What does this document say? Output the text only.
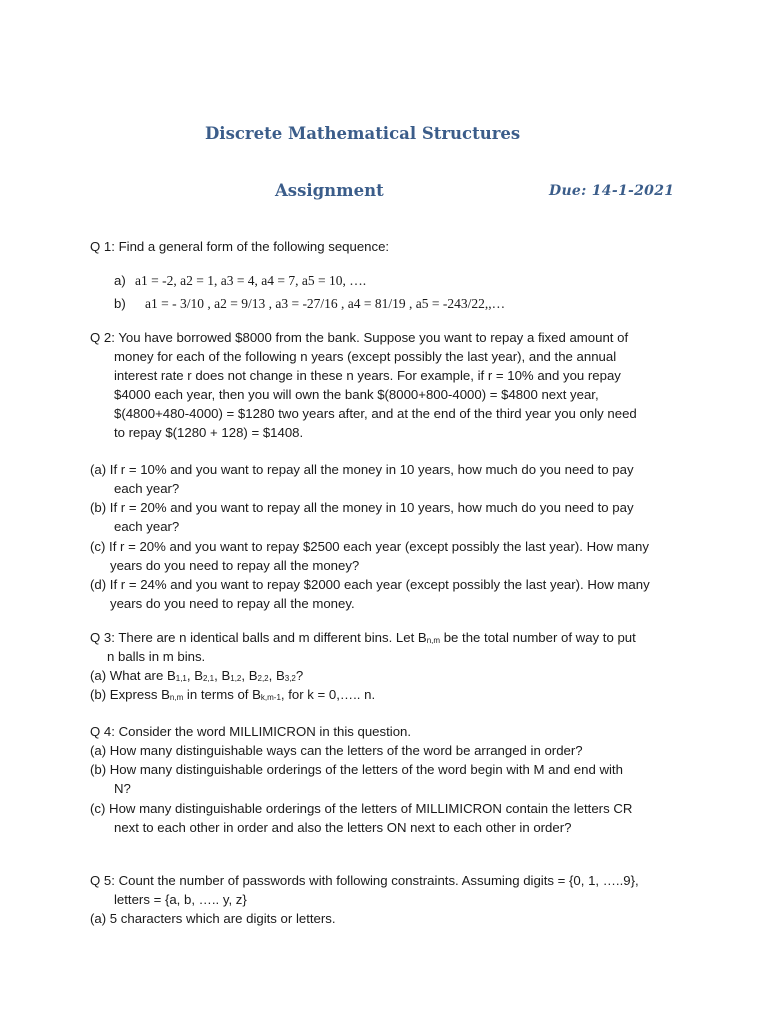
Discrete Mathematical Structures
Assignment	Due: 14-1-2021
Q 1: Find a general form of the following sequence:
a) a1 = -2, a2 = 1, a3 = 4, a4 = 7, a5 = 10, ….
b) a1 = - 3/10 , a2 = 9/13 , a3 = -27/16 , a4 = 81/19 , a5 = -243/22,,…
Q 2: You have borrowed $8000 from the bank. Suppose you want to repay a fixed amount of
money for each of the following n years (except possibly the last year), and the annual
interest rate r does not change in these n years. For example, if r = 10% and you repay
$4000 each year, then you will own the bank $(8000+800-4000) = $4800 next year,
$(4800+480-4000) = $1280 two years after, and at the end of the third year you only need
to repay $(1280 + 128) = $1408.
(a) If r = 10% and you want to repay all the money in 10 years, how much do you need to pay
each year?
(b) If r = 20% and you want to repay all the money in 10 years, how much do you need to pay
each year?
(c) If r = 20% and you want to repay $2500 each year (except possibly the last year). How many
years do you need to repay all the money?
(d) If r = 24% and you want to repay $2000 each year (except possibly the last year). How many
years do you need to repay all the money.
Q 3: There are n identical balls and m different bins. Let $B_{n,m}$ be the total number of way to put
n balls in m bins.
(a) What are $B_{1,1}$, $B_{2,1}$, $B_{1,2}$, $B_{2,2}$, $B_{3,2}$?
(b) Express $B_{n,m}$ in terms of $B_{k,m-1}$, for k = 0,….. n.
Q 4: Consider the word MILLIMICRON in this question.
(a) How many distinguishable ways can the letters of the word be arranged in order?
(b) How many distinguishable orderings of the letters of the word begin with M and end with
N?
(c) How many distinguishable orderings of the letters of MILLIMICRON contain the letters CR
next to each other in order and also the letters ON next to each other in order?
Q 5: Count the number of passwords with following constraints. Assuming digits = {0, 1, …..9},
letters = {a, b, ….. y, z}
(a) 5 characters which are digits or letters.
